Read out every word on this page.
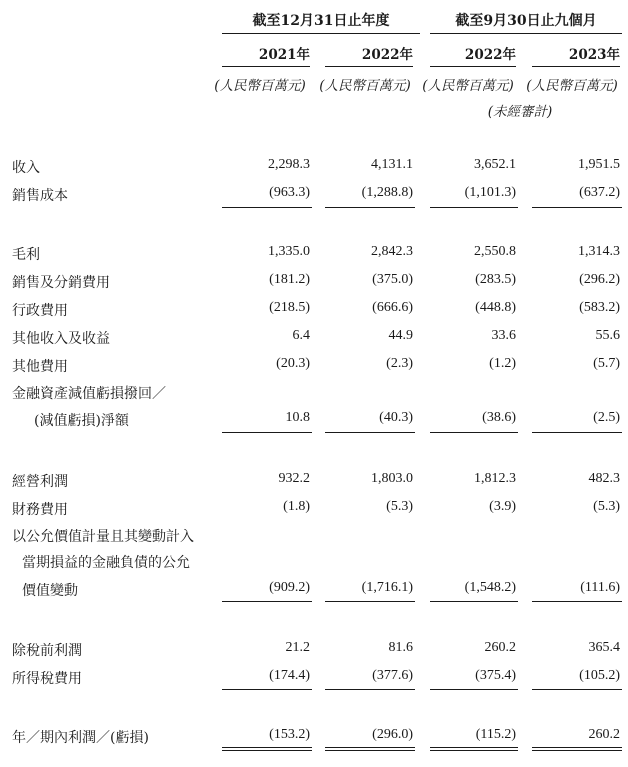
截至12月31日止年度	截至9月30日止九個月
2021年	2022年	2022年	2023年
(人民幣百萬元) (人民幣百萬元) (人民幣百萬元) (人民幣百萬元)
(未經審計)
收入	2,298.3	4,131.1	3,652.1	1,951.5
銷售成本	(963.3)	(1,288.8)	(1,101.3)	(637.2)
毛利	1,335.0	2,842.3	2,550.8	1,314.3
銷售及分銷費用	(181.2)	(375.0)	(283.5)	(296.2)
行政費用	(218.5)	(666.6)	(448.8)	(583.2)
其他收入及收益	6.4	44.9	33.6	55.6
其他費用	(20.3)	(2.3)	(1.2)	(5.7)
金融資產減值虧損撥回／
(減值虧損)淨額	10.8	(40.3)	(38.6)	(2.5)
經營利潤	932.2	1,803.0	1,812.3	482.3
財務費用	(1.8)	(5.3)	(3.9)	(5.3)
以公允價值計量且其變動計入
當期損益的金融負債的公允
價值變動	(909.2)	(1,716.1)	(1,548.2)	(111.6)
除稅前利潤	21.2	81.6	260.2	365.4
所得稅費用	(174.4)	(377.6)	(375.4)	(105.2)
年／期內利潤／(虧損)	(153.2)	(296.0)	(115.2)	260.2
